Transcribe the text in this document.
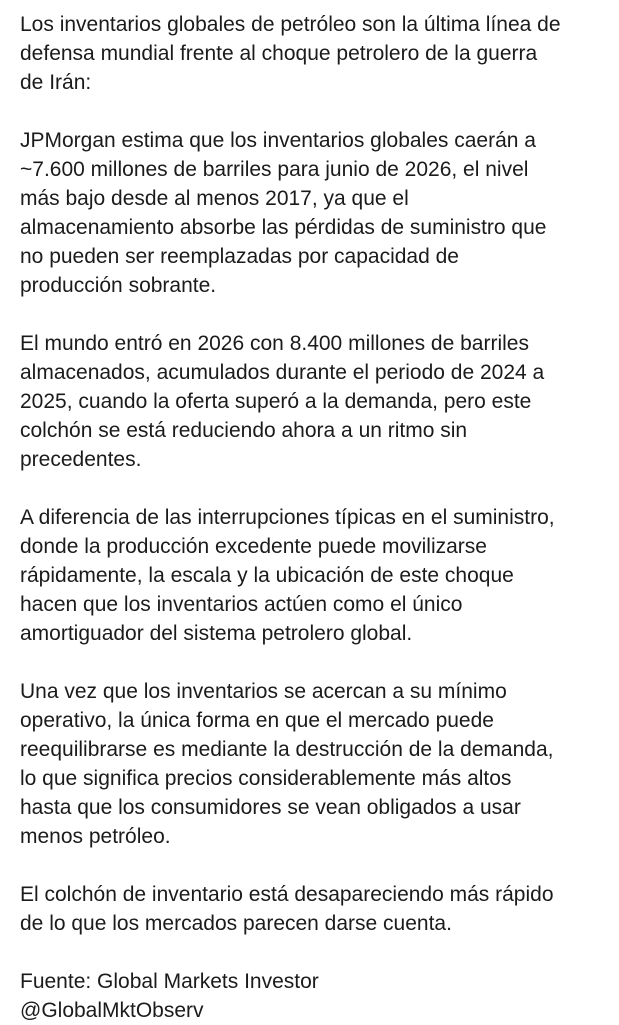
Los inventarios globales de petróleo son la última línea de
defensa mundial frente al choque petrolero de la guerra
de Irán:

JPMorgan estima que los inventarios globales caerán a
~7.600 millones de barriles para junio de 2026, el nivel
más bajo desde al menos 2017, ya que el
almacenamiento absorbe las pérdidas de suministro que
no pueden ser reemplazadas por capacidad de
producción sobrante.

El mundo entró en 2026 con 8.400 millones de barriles
almacenados, acumulados durante el periodo de 2024 a
2025, cuando la oferta superó a la demanda, pero este
colchón se está reduciendo ahora a un ritmo sin
precedentes.

A diferencia de las interrupciones típicas en el suministro,
donde la producción excedente puede movilizarse
rápidamente, la escala y la ubicación de este choque
hacen que los inventarios actúen como el único
amortiguador del sistema petrolero global.

Una vez que los inventarios se acercan a su mínimo
operativo, la única forma en que el mercado puede
reequilibrarse es mediante la destrucción de la demanda,
lo que significa precios considerablemente más altos
hasta que los consumidores se vean obligados a usar
menos petróleo.

El colchón de inventario está desapareciendo más rápido
de lo que los mercados parecen darse cuenta.

Fuente: Global Markets Investor
@GlobalMktObserv
